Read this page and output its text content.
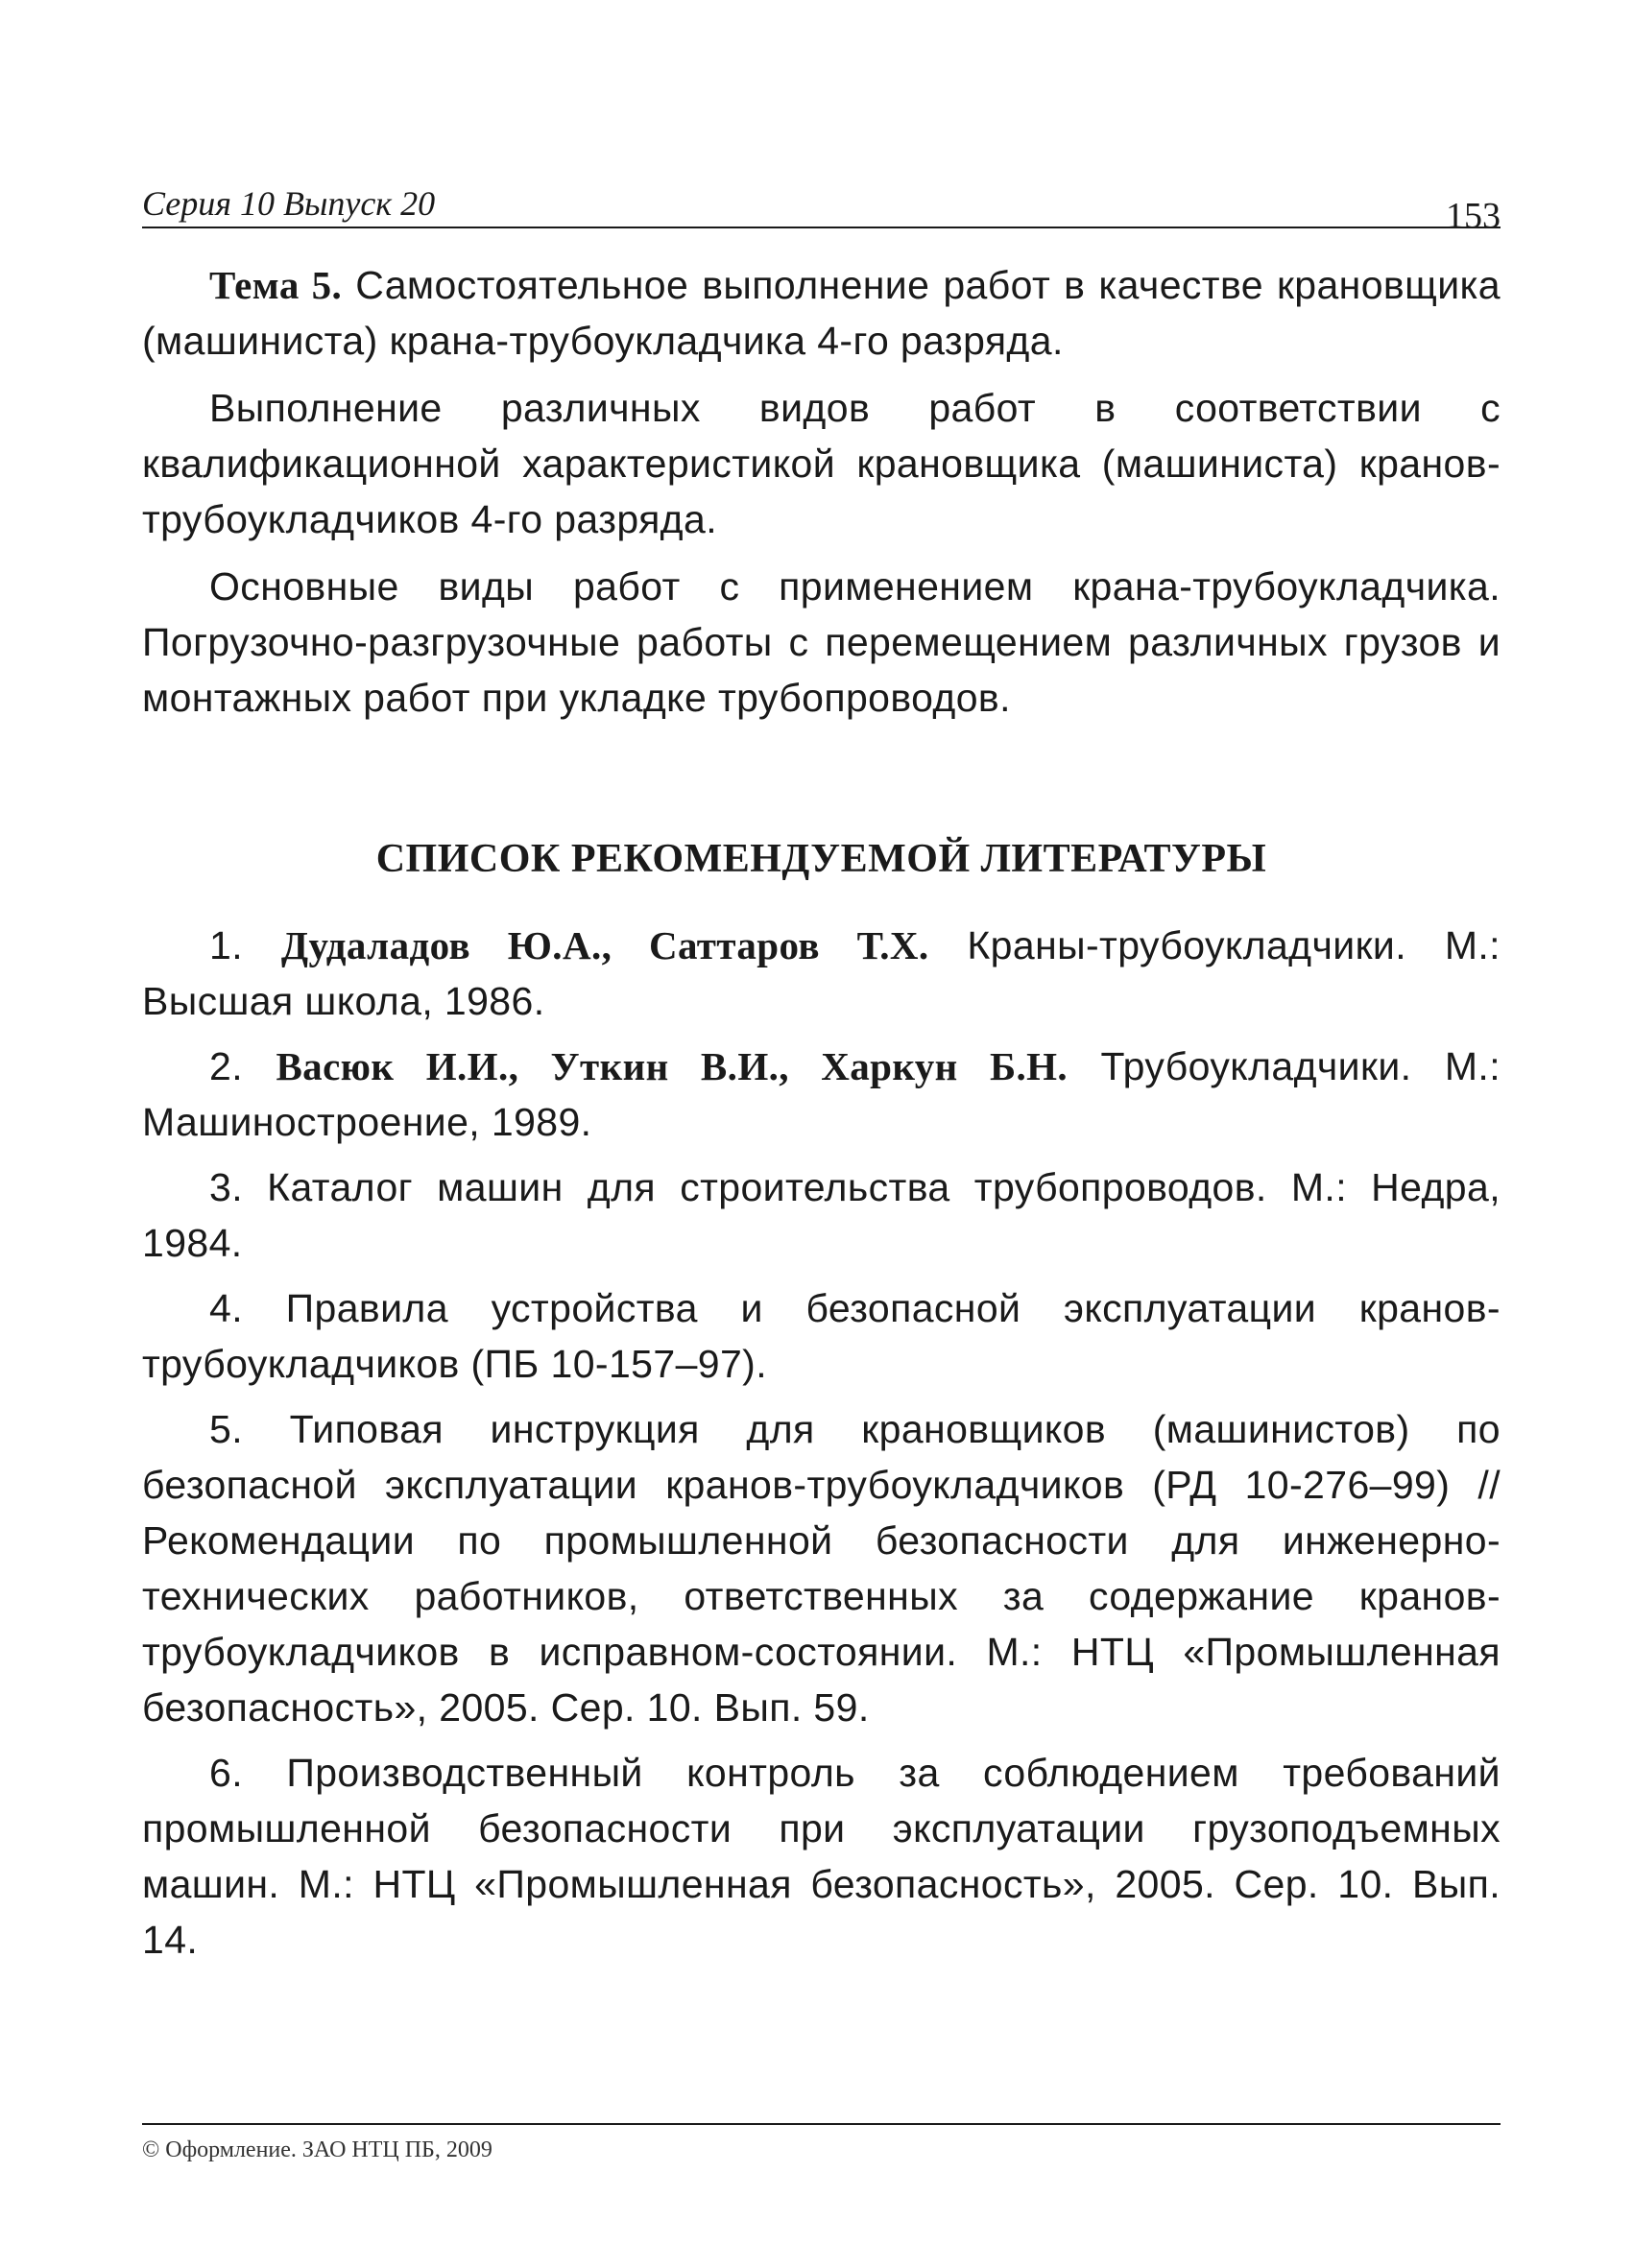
Серия 10 Выпуск 20	153

Тема 5. Самостоятельное выполнение работ в качестве крановщика (машиниста) крана-трубоукладчика 4-го разряда.

Выполнение различных видов работ в соответствии с квалификационной характеристикой крановщика (машиниста) кранов-трубоукладчиков 4-го разряда.

Основные виды работ с применением крана-трубоукладчика. Погрузочно-разгрузочные работы с перемещением различных грузов и монтажных работ при укладке трубопроводов.

СПИСОК РЕКОМЕНДУЕМОЙ ЛИТЕРАТУРЫ

1. Дудаладов Ю.А., Саттаров Т.Х. Краны-трубоукладчики. М.: Высшая школа, 1986.

2. Васюк И.И., Уткин В.И., Харкун Б.Н. Трубоукладчики. М.: Машиностроение, 1989.

3. Каталог машин для строительства трубопроводов. М.: Недра, 1984.

4. Правила устройства и безопасной эксплуатации кранов-трубоукладчиков (ПБ 10-157–97).

5. Типовая инструкция для крановщиков (машинистов) по безопасной эксплуатации кранов-трубоукладчиков (РД 10-276–99) // Рекомендации по промышленной безопасности для инженерно-технических работников, ответственных за содержание кранов-трубоукладчиков в исправном-состоянии. М.: НТЦ «Промышленная безопасность», 2005. Сер. 10. Вып. 59.

6. Производственный контроль за соблюдением требований промышленной безопасности при эксплуатации грузоподъемных машин. М.: НТЦ «Промышленная безопасность», 2005. Сер. 10. Вып. 14.

© Оформление. ЗАО НТЦ ПБ, 2009
